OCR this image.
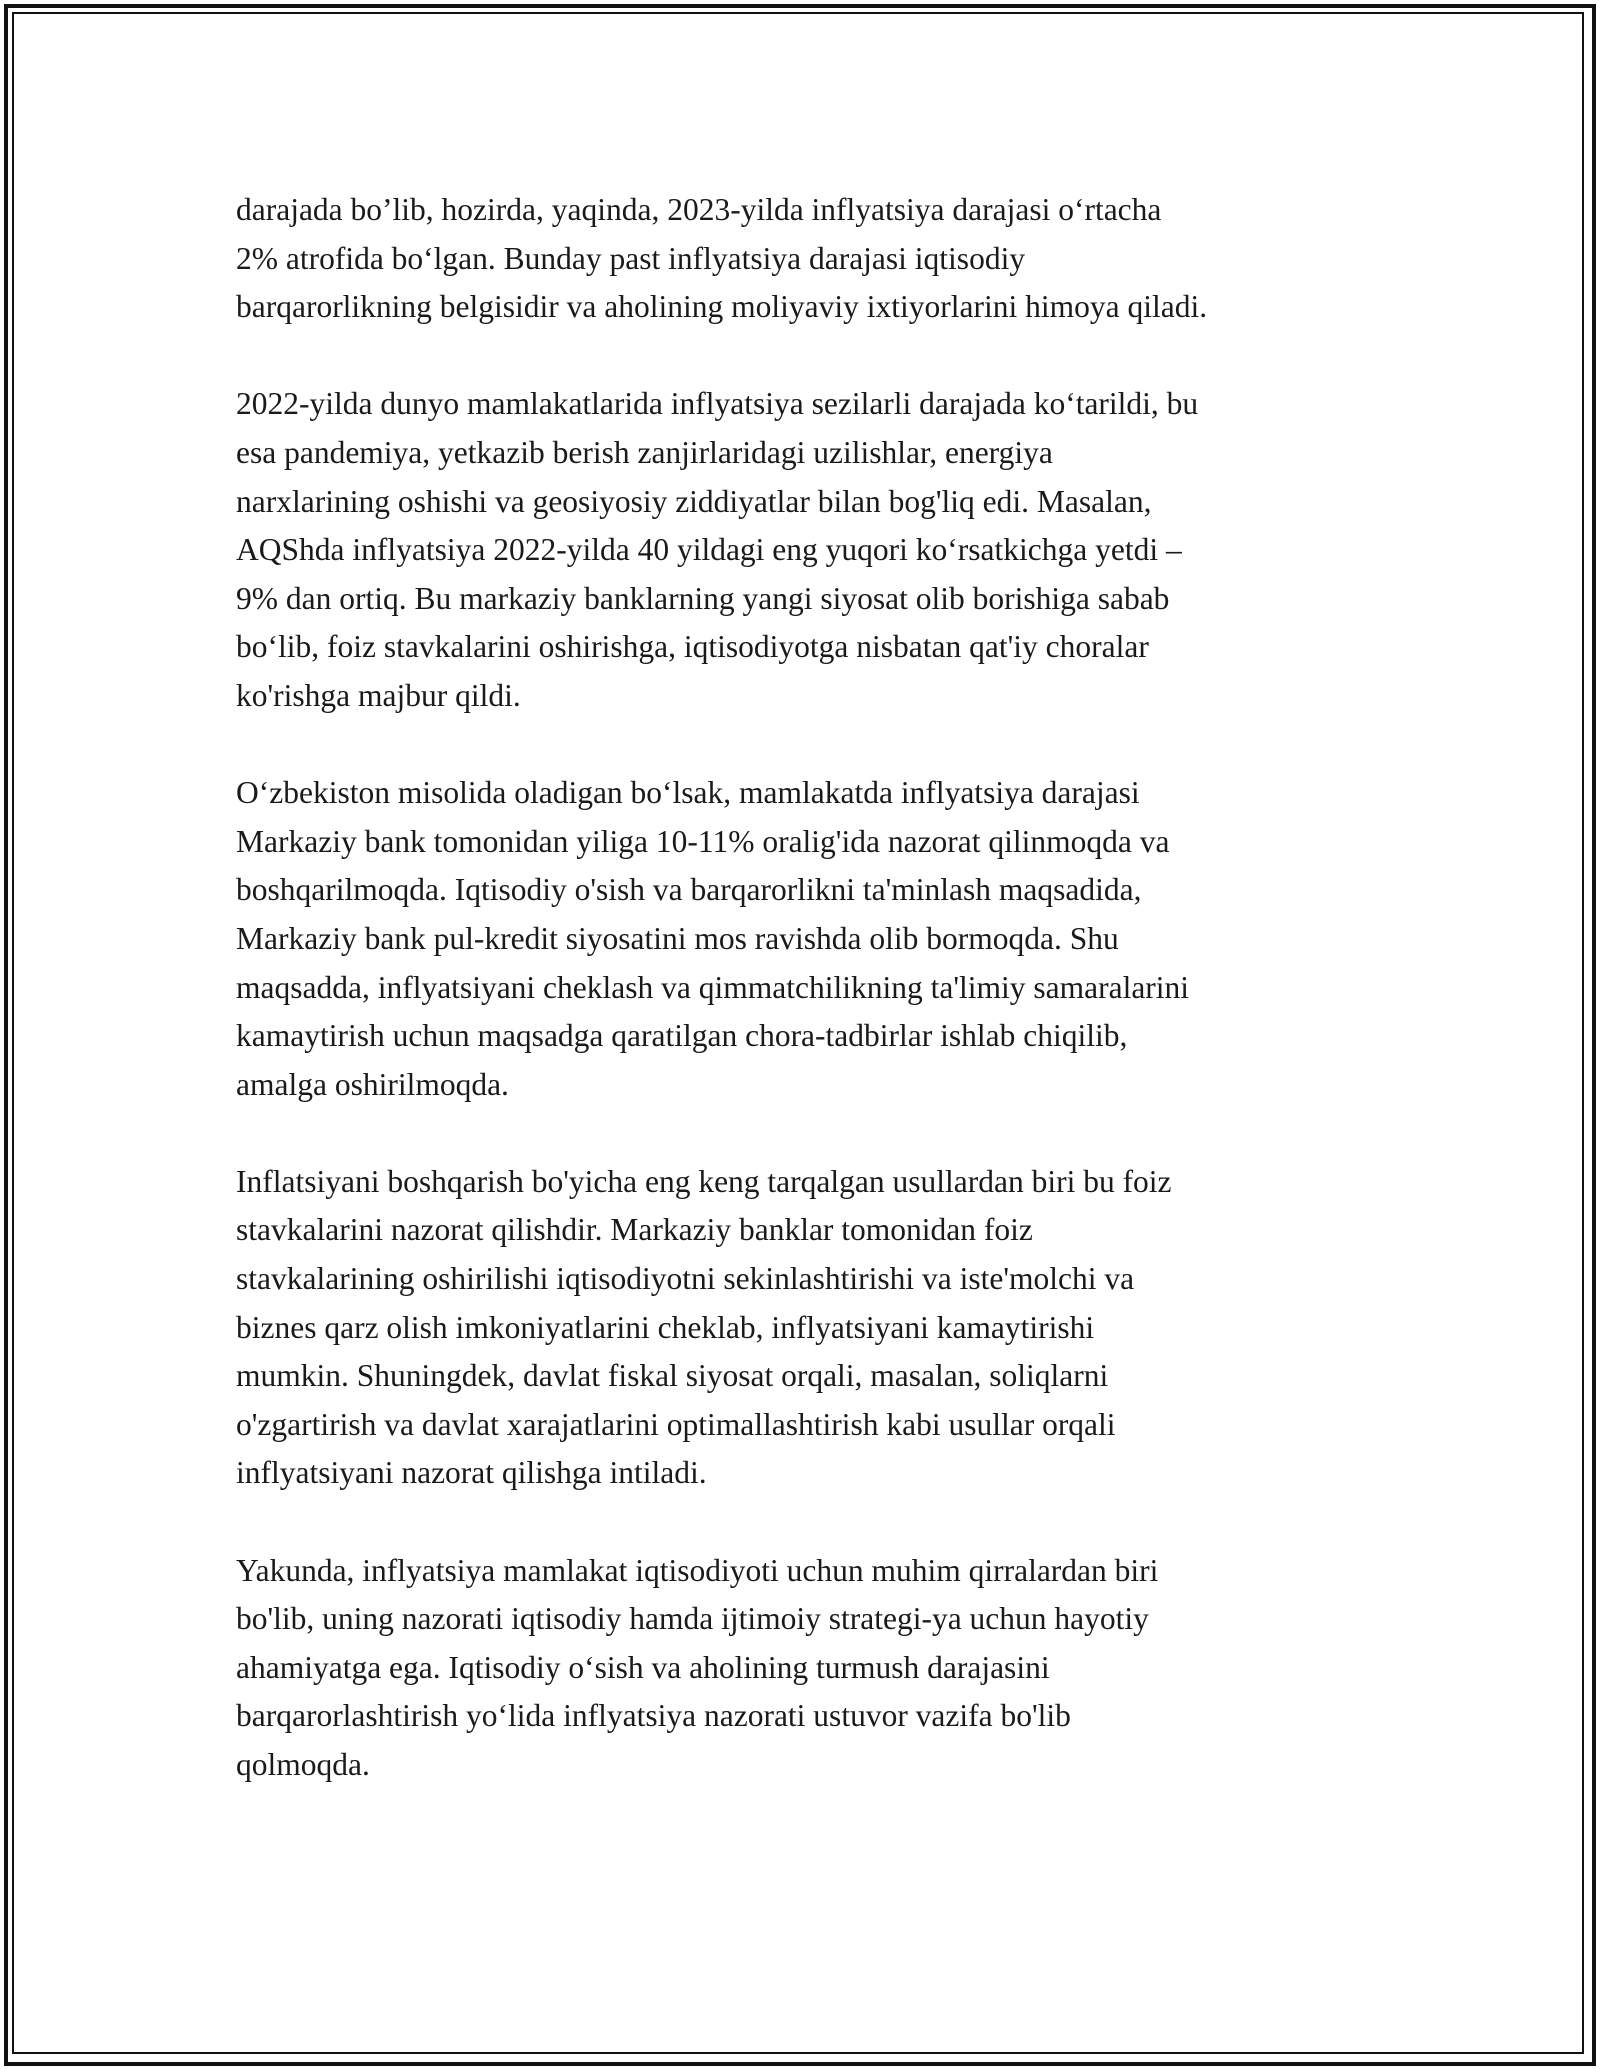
darajada bo’lib, hozirda, yaqinda, 2023-yilda inflyatsiya darajasi o‘rtacha
2% atrofida bo‘lgan. Bunday past inflyatsiya darajasi iqtisodiy
barqarorlikning belgisidir va aholining moliyaviy ixtiyorlarini himoya qiladi.

2022-yilda dunyo mamlakatlarida inflyatsiya sezilarli darajada ko‘tarildi, bu
esa pandemiya, yetkazib berish zanjirlaridagi uzilishlar, energiya
narxlarining oshishi va geosiyosiy ziddiyatlar bilan bog'liq edi. Masalan,
AQShda inflyatsiya 2022-yilda 40 yildagi eng yuqori ko‘rsatkichga yetdi –
9% dan ortiq. Bu markaziy banklarning yangi siyosat olib borishiga sabab
bo‘lib, foiz stavkalarini oshirishga, iqtisodiyotga nisbatan qat'iy choralar
ko'rishga majbur qildi.

O‘zbekiston misolida oladigan bo‘lsak, mamlakatda inflyatsiya darajasi
Markaziy bank tomonidan yiliga 10-11% oralig'ida nazorat qilinmoqda va
boshqarilmoqda. Iqtisodiy o'sish va barqarorlikni ta'minlash maqsadida,
Markaziy bank pul-kredit siyosatini mos ravishda olib bormoqda. Shu
maqsadda, inflyatsiyani cheklash va qimmatchilikning ta'limiy samaralarini
kamaytirish uchun maqsadga qaratilgan chora-tadbirlar ishlab chiqilib,
amalga oshirilmoqda.

Inflatsiyani boshqarish bo'yicha eng keng tarqalgan usullardan biri bu foiz
stavkalarini nazorat qilishdir. Markaziy banklar tomonidan foiz
stavkalarining oshirilishi iqtisodiyotni sekinlashtirishi va iste'molchi va
biznes qarz olish imkoniyatlarini cheklab, inflyatsiyani kamaytirishi
mumkin. Shuningdek, davlat fiskal siyosat orqali, masalan, soliqlarni
o'zgartirish va davlat xarajatlarini optimallashtirish kabi usullar orqali
inflyatsiyani nazorat qilishga intiladi.

Yakunda, inflyatsiya mamlakat iqtisodiyoti uchun muhim qirralardan biri
bo'lib, uning nazorati iqtisodiy hamda ijtimoiy strategi-ya uchun hayotiy
ahamiyatga ega. Iqtisodiy o‘sish va aholining turmush darajasini
barqarorlashtirish yo‘lida inflyatsiya nazorati ustuvor vazifa bo'lib
qolmoqda.
